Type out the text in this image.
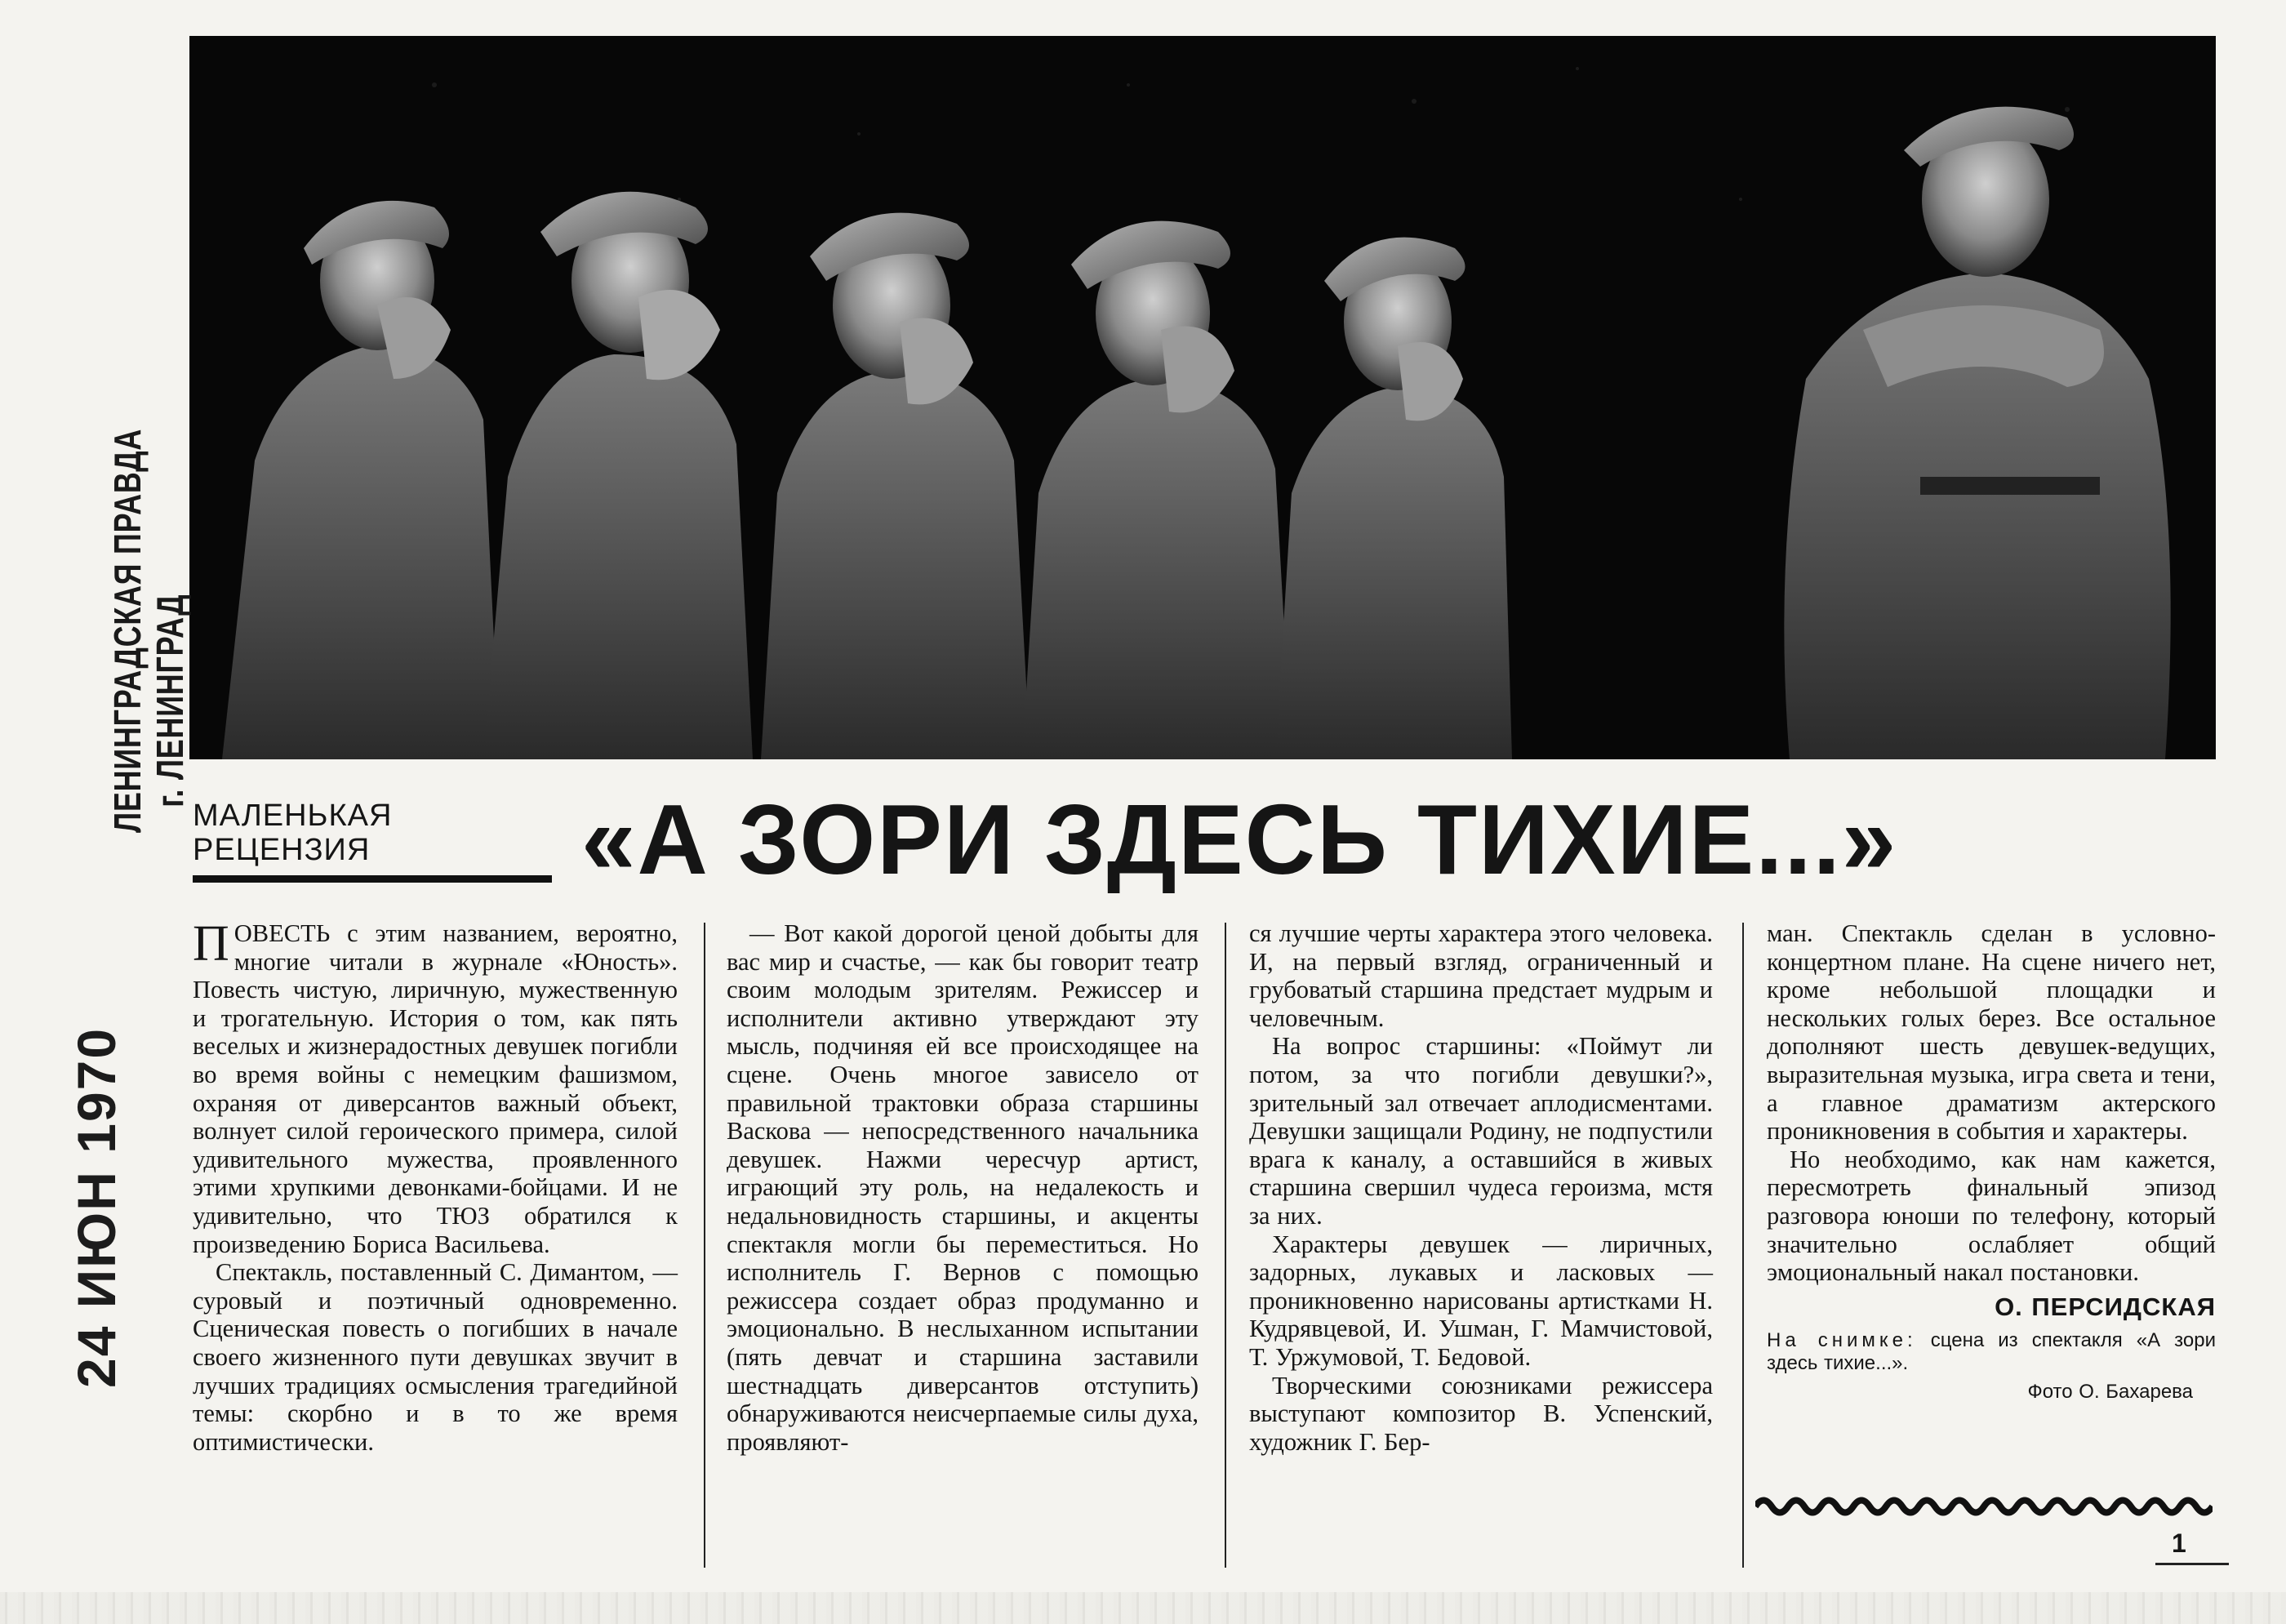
ЛЕНИНГРАДСКАЯ ПРАВДА г. ЛЕНИНГРАД
24 ИЮН 1970
МАЛЕНЬКАЯ
РЕЦЕНЗИЯ	«А ЗОРИ ЗДЕСЬ ТИХИЕ...»

ПОВЕСТЬ с этим названием, вероятно, многие читали в журнале «Юность». Повесть чистую, лиричную, мужественную и трогательную. История о том, как пять веселых и жизнерадостных девушек погибли во время войны с немецким фашизмом, охраняя от диверсантов важный объект, волнует силой героического примера, силой удивительного мужества, проявленного этими хрупкими девонками-бойцами. И не удивительно, что ТЮЗ обратился к произведению Бориса Васильева.

Спектакль, поставленный С. Димантом, — суровый и поэтичный одновременно. Сценическая повесть о погибших в начале своего жизненного пути девушках звучит в лучших традициях осмысления трагедийной темы: скорбно и в то же время оптимистически.

— Вот какой дорогой ценой добыты для вас мир и счастье, — как бы говорит театр своим молодым зрителям. Режиссер и исполнители активно утверждают эту мысль, подчиняя ей все происходящее на сцене. Очень многое зависело от правильной трактовки образа старшины Васкова — непосредственного начальника девушек. Нажми чересчур артист, играющий эту роль, на недалекость и недальновидность старшины, и акценты спектакля могли бы переместиться. Но исполнитель Г. Вернов с помощью режиссера создает образ продуманно и эмоционально. В неслыханном испытании (пять девчат и старшина заставили шестнадцать диверсантов отступить) обнаруживаются неисчерпаемые силы духа, проявляют-

ся лучшие черты характера этого человека. И, на первый взгляд, ограниченный и грубоватый старшина предстает мудрым и человечным.

На вопрос старшины: «Поймут ли потом, за что погибли девушки?», зрительный зал отвечает аплодисментами. Девушки защищали Родину, не подпустили врага к каналу, а оставшийся в живых старшина свершил чудеса героизма, мстя за них.

Характеры девушек — лиричных, задорных, лукавых и ласковых — проникновенно нарисованы артистками Н. Кудрявцевой, И. Ушман, Г. Мамчистовой, Т. Уржумовой, Т. Бедовой.

Творческими союзниками режиссера выступают композитор В. Успенский, художник Г. Бер-

ман. Спектакль сделан в условно-концертном плане. На сцене ничего нет, кроме небольшой площадки и нескольких голых берез. Все остальное дополняют шесть девушек-ведущих, выразительная музыка, игра света и тени, а главное драматизм актерского проникновения в события и характеры.

Но необходимо, как нам кажется, пересмотреть финальный эпизод разговора юноши по телефону, который значительно ослабляет общий эмоциональный накал постановки.

О. ПЕРСИДСКАЯ
На снимке: сцена из спектакля «А зори здесь тихие...».
Фото О. Бахарева
1
